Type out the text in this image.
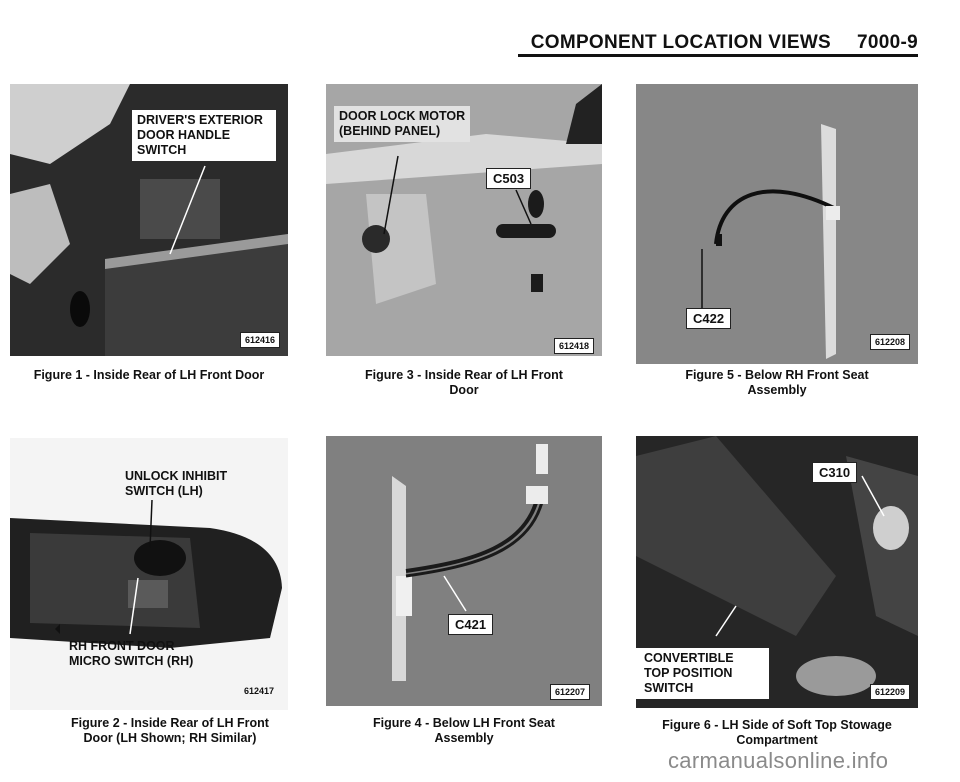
COMPONENT LOCATION VIEWS 7000-9
DRIVER'S EXTERIOR
DOOR HANDLE
SWITCH
612416
Figure 1 - Inside Rear of LH Front Door
UNLOCK INHIBIT
SWITCH (LH)
RH FRONT DOOR
MICRO SWITCH (RH)
612417
Figure 2 - Inside Rear of LH Front
Door (LH Shown; RH Similar)
DOOR LOCK MOTOR
(BEHIND PANEL)
C503
612418
Figure 3 - Inside Rear of LH Front
Door
C421
612207
Figure 4 - Below LH Front Seat
Assembly
C422
612208
Figure 5 - Below RH Front Seat
Assembly
C310
CONVERTIBLE
TOP POSITION
SWITCH	612209
Figure 6 - LH Side of Soft Top Stowage
Compartment
carmanualsonline.info
